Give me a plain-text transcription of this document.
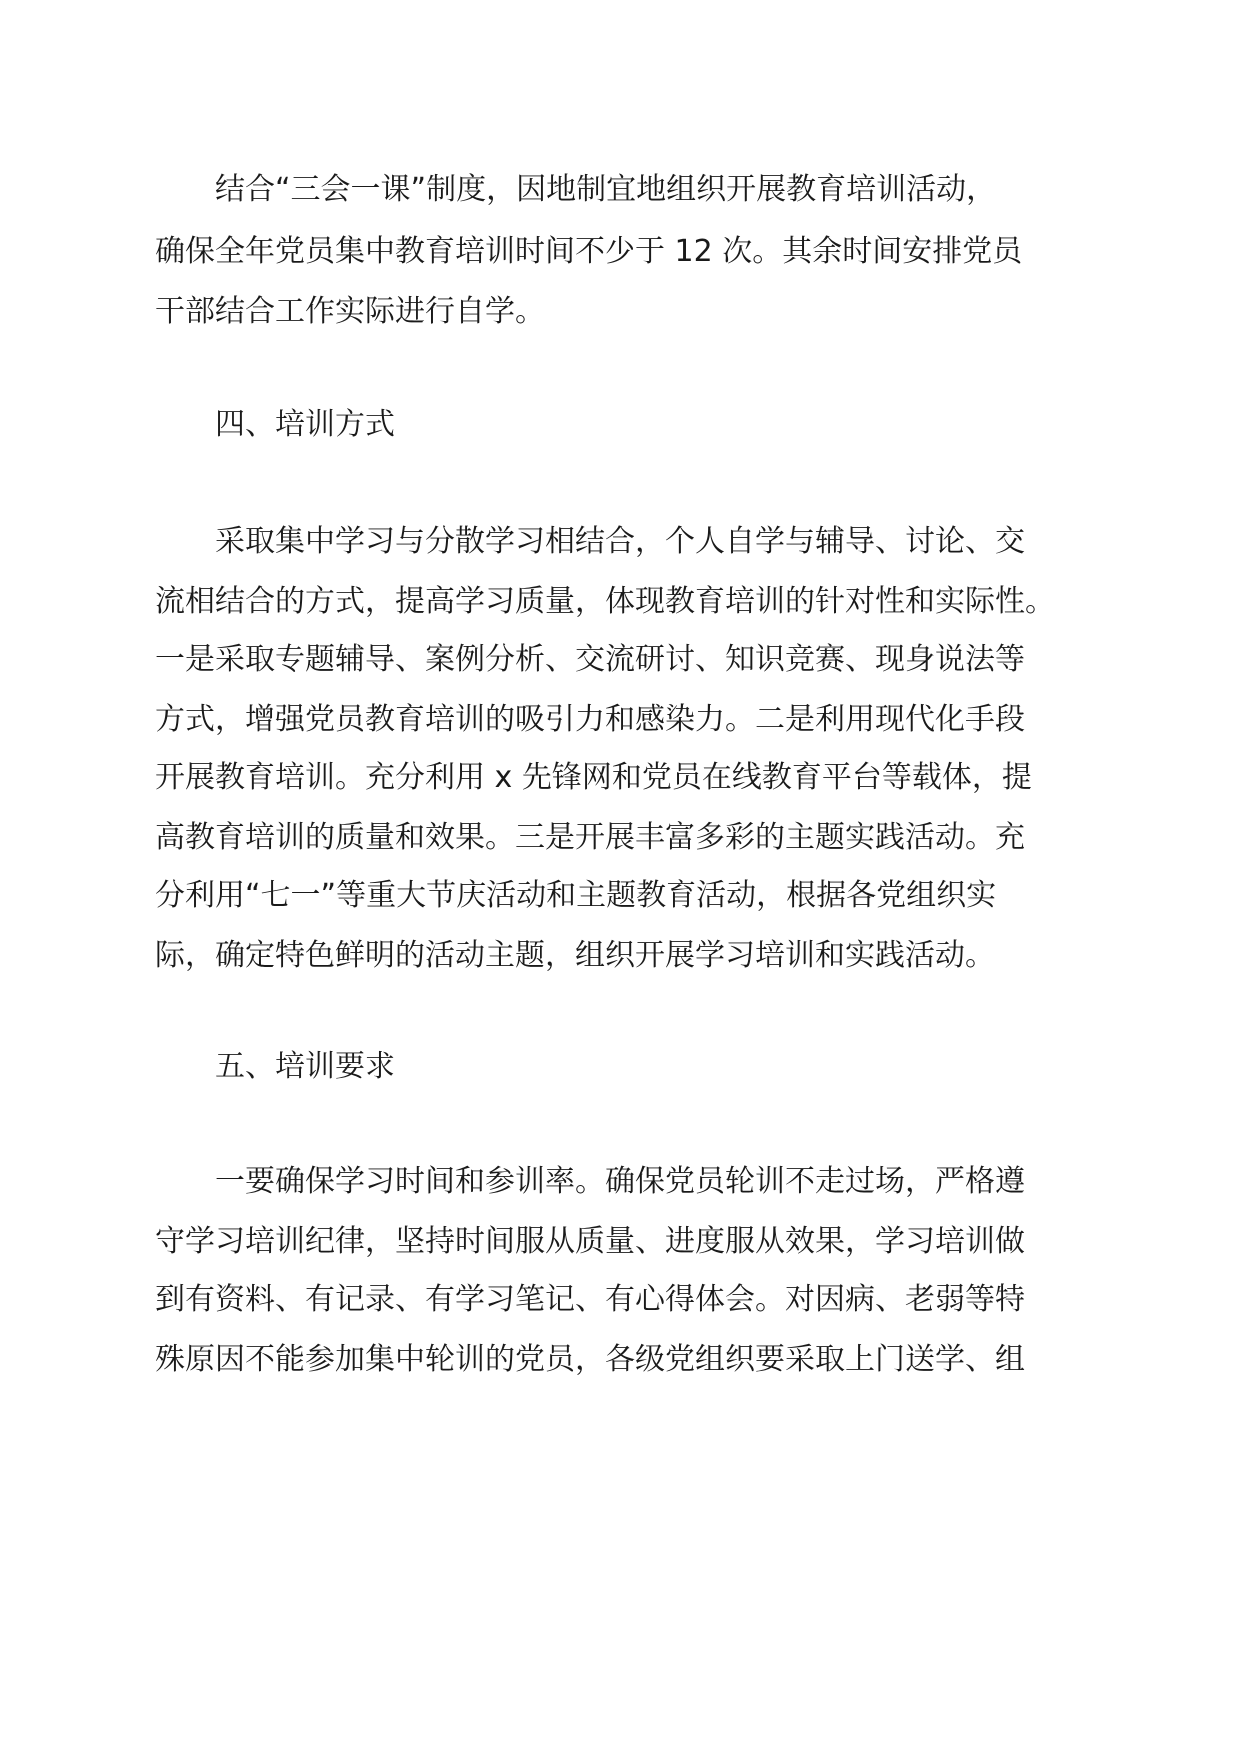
结合“三会一课”制度，因地制宜地组织开展教育培训活动，
确保全年党员集中教育培训时间不少于 12 次。其余时间安排党员
干部结合工作实际进行自学。
四、培训方式
采取集中学习与分散学习相结合，个人自学与辅导、讨论、交
流相结合的方式，提高学习质量，体现教育培训的针对性和实际性。
一是采取专题辅导、案例分析、交流研讨、知识竞赛、现身说法等
方式，增强党员教育培训的吸引力和感染力。二是利用现代化手段
开展教育培训。充分利用 x 先锋网和党员在线教育平台等载体，提
高教育培训的质量和效果。三是开展丰富多彩的主题实践活动。充
分利用“七一”等重大节庆活动和主题教育活动，根据各党组织实
际，确定特色鲜明的活动主题，组织开展学习培训和实践活动。
五、培训要求
一要确保学习时间和参训率。确保党员轮训不走过场，严格遵
守学习培训纪律，坚持时间服从质量、进度服从效果，学习培训做
到有资料、有记录、有学习笔记、有心得体会。对因病、老弱等特
殊原因不能参加集中轮训的党员，各级党组织要采取上门送学、组
